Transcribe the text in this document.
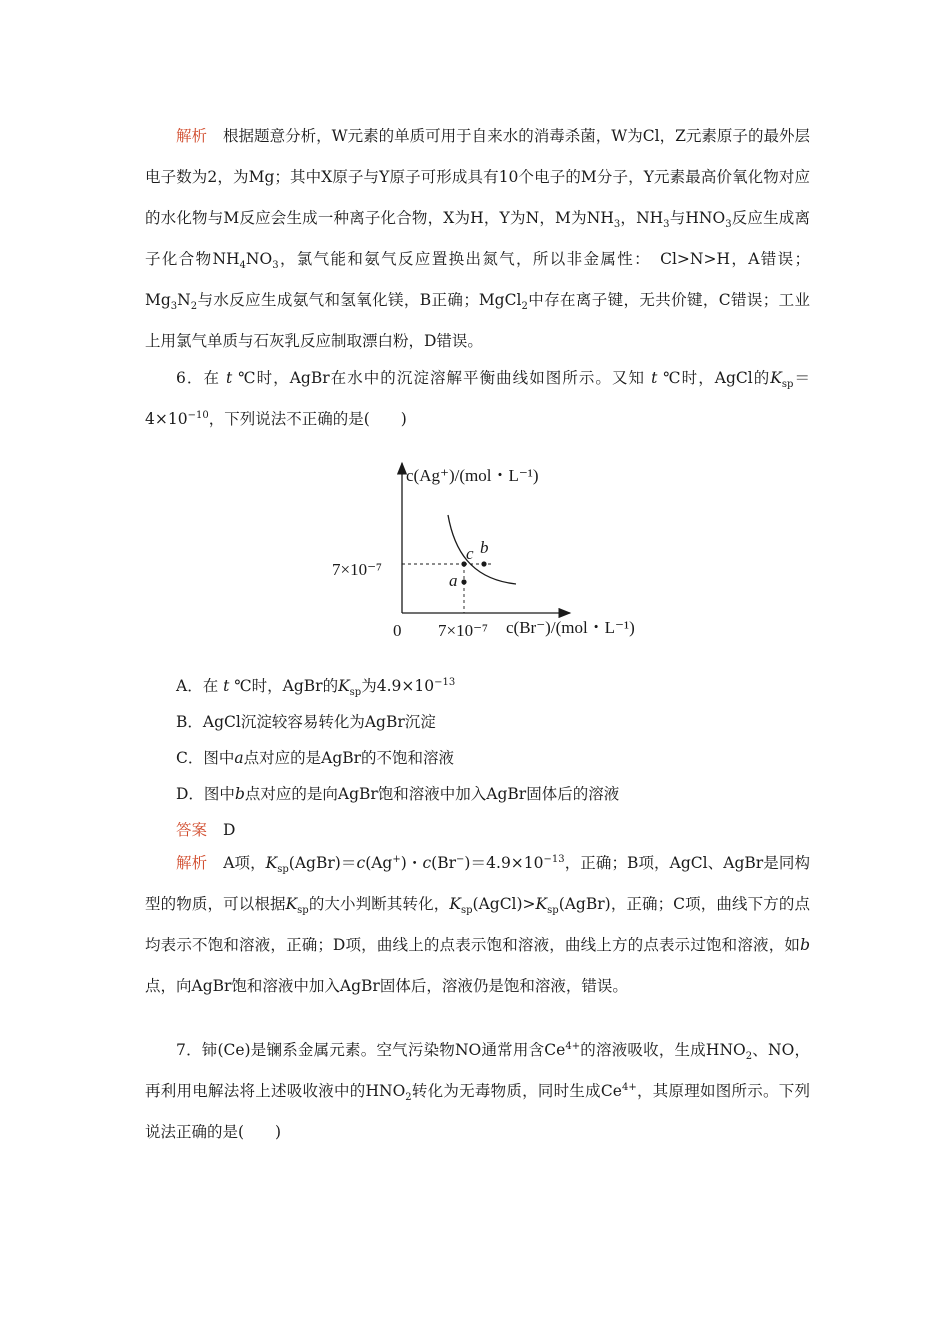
解析 根据题意分析，W元素的单质可用于自来水的消毒杀菌，W为Cl，Z元素原子的最外层电子数为2，为Mg；其中X原子与Y原子可形成具有10个电子的M分子，Y元素最高价氧化物对应的水化物与M反应会生成一种离子化合物，X为H，Y为N，M为$NH_3$，$NH_3$与$HNO_3$反应生成离子化合物$NH_4NO_3$，氯气能和氨气反应置换出氮气，所以非金属性：　Cl>N>H，A错误；$Mg_3N_2$与水反应生成氨气和氢氧化镁，B正确；MgCl$_2$中存在离子键，无共价键，C错误；工业上用氯气单质与石灰乳反应制取漂白粉，D错误。

6．在 t ℃时，AgBr在水中的沉淀溶解平衡曲线如图所示。又知 t ℃时，AgCl的$K_{sp}=4\times 10^{-10}$，下列说法不正确的是(　　)

c(Ag⁺)/(mol・L⁻¹)
c(Br⁻)/(mol・L⁻¹)
0
7×10⁻⁷
7×10⁻⁷
c b
a

A．在 t ℃时，AgBr的$K_{sp}$为$4.9\times 10^{-13}$

B．AgCl沉淀较容易转化为AgBr沉淀

C．图中a点对应的是AgBr的不饱和溶液

D．图中b点对应的是向AgBr饱和溶液中加入AgBr固体后的溶液

答案 D

解析 A项，$K_{sp}(AgBr)=c(Ag^+)$・$c(Br^-)=4.9\times 10^{-13}$，正确；B项，AgCl、AgBr是同构型的物质，可以根据$K_{sp}$的大小判断其转化，$K_{sp}(AgCl)>K_{sp}(AgBr)$，正确；C项，曲线下方的点均表示不饱和溶液，正确；D项，曲线上的点表示饱和溶液，曲线上方的点表示过饱和溶液，如b点，向AgBr饱和溶液中加入AgBr固体后，溶液仍是饱和溶液，错误。

7．铈(Ce)是镧系金属元素。空气污染物NO通常用含$Ce^{4+}$的溶液吸收，生成$HNO_2$、NO，再利用电解法将上述吸收液中的$HNO_2$转化为无毒物质，同时生成$Ce^{4+}$，其原理如图所示。下列说法正确的是(　　)
